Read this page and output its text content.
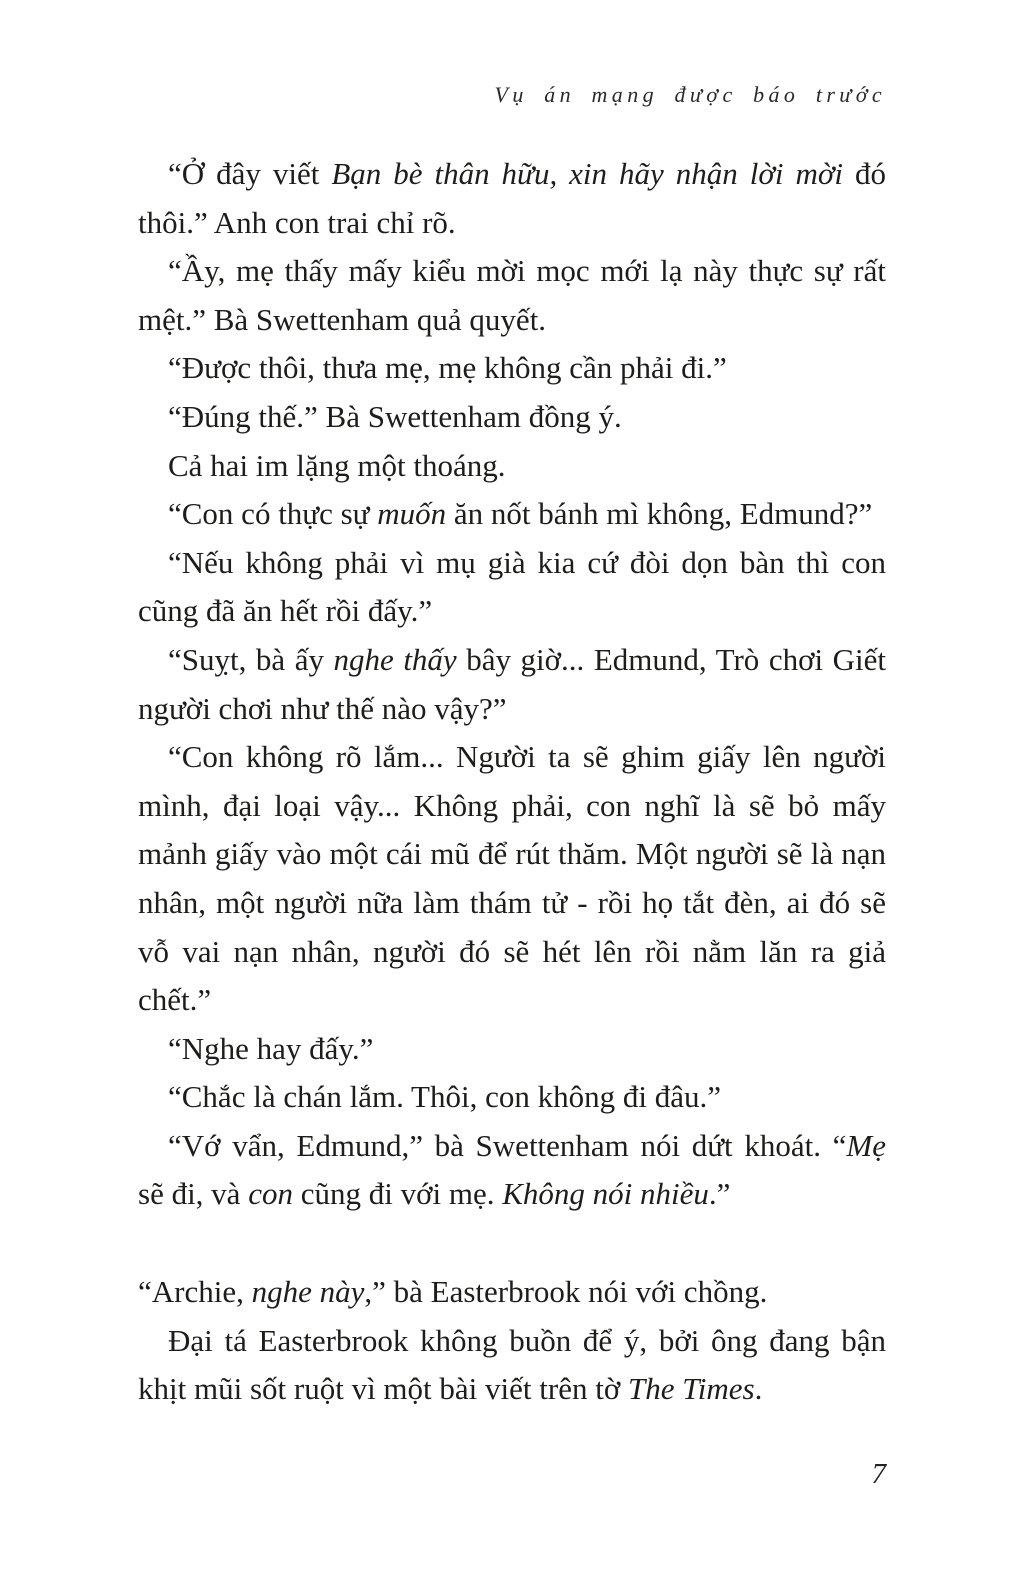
Vụ án mạng được báo trước

“Ở đây viết Bạn bè thân hữu, xin hãy nhận lời mời đó thôi.” Anh con trai chỉ rõ.

“Ầy, mẹ thấy mấy kiểu mời mọc mới lạ này thực sự rất mệt.” Bà Swettenham quả quyết.

“Được thôi, thưa mẹ, mẹ không cần phải đi.”

“Đúng thế.” Bà Swettenham đồng ý.

Cả hai im lặng một thoáng.

“Con có thực sự muốn ăn nốt bánh mì không, Edmund?”

“Nếu không phải vì mụ già kia cứ đòi dọn bàn thì con cũng đã ăn hết rồi đấy.”

“Suỵt, bà ấy nghe thấy bây giờ... Edmund, Trò chơi Giết người chơi như thế nào vậy?”

“Con không rõ lắm... Người ta sẽ ghim giấy lên người mình, đại loại vậy... Không phải, con nghĩ là sẽ bỏ mấy mảnh giấy vào một cái mũ để rút thăm. Một người sẽ là nạn nhân, một người nữa làm thám tử - rồi họ tắt đèn, ai đó sẽ vỗ vai nạn nhân, người đó sẽ hét lên rồi nằm lăn ra giả chết.”

“Nghe hay đấy.”

“Chắc là chán lắm. Thôi, con không đi đâu.”

“Vớ vẩn, Edmund,” bà Swettenham nói dứt khoát. “Mẹ sẽ đi, và con cũng đi với mẹ. Không nói nhiều.”

“Archie, nghe này,” bà Easterbrook nói với chồng.

Đại tá Easterbrook không buồn để ý, bởi ông đang bận khịt mũi sốt ruột vì một bài viết trên tờ The Times.

7
